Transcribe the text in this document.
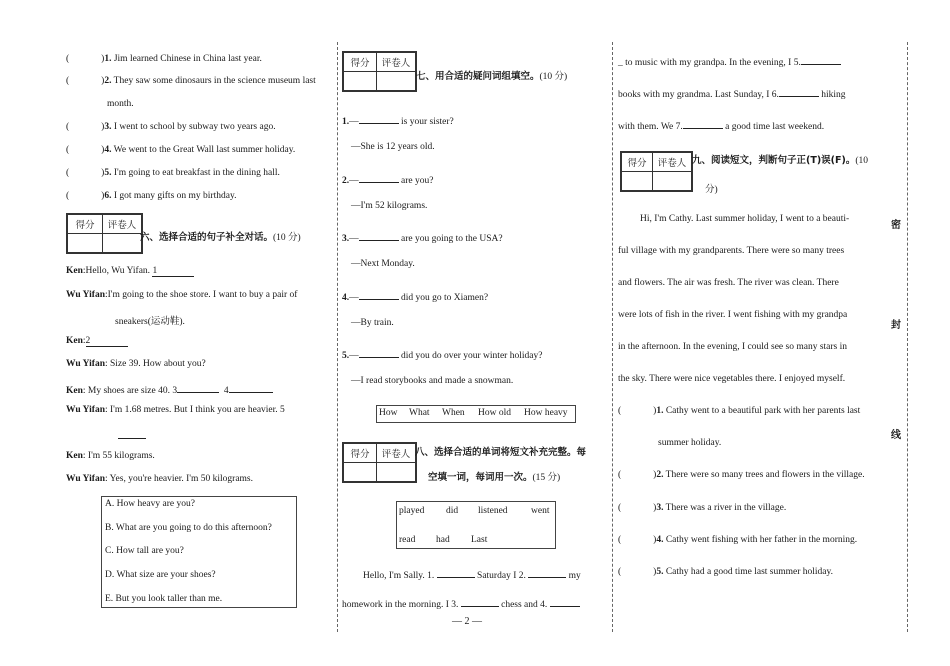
(	)1. Jim learned Chinese in China last year.
(	)2. They saw some dinosaurs in the science museum last
month.
(	)3. I went to school by subway two years ago.
(	)4. We went to the Great Wall last summer holiday.
(	)5. I'm going to eat breakfast in the dining hall.
(	)6. I got many gifts on my birthday.
得分	评卷人

六、选择合适的句子补全对话。(10 分)
Ken:Hello, Wu Yifan. 1
Wu Yifan:I'm going to the shoe store. I want to buy a pair of
sneakers(运动鞋).
Ken:2
Wu Yifan: Size 39. How about you?
Ken: My shoes are size 40. 3	4
Wu Yifan: I'm 1.68 metres. But I think you are heavier. 5
Ken: I'm 55 kilograms.
Wu Yifan: Yes, you're heavier. I'm 50 kilograms.
A. How heavy are you?
B. What are you going to do this afternoon?
C. How tall are you?
D. What size are your shoes?
E. But you look taller than me.
得分	评卷人

七、用合适的疑问词组填空。(10 分)
1.—	is your sister?
—She is 12 years old.
2.—	are you?
—I'm 52 kilograms.
3.—	are you going to the USA?
—Next Monday.
4.—	did you go to Xiamen?
—By train.
5.—	did you do over your winter holiday?
—I read storybooks and made a snowman.
How What When How old How heavy
得分	评卷人
	八、选择合适的单词将短文补充完整。每
空填一词，每词用一次。(15 分)
played did listened went
read had Last
Hello, I'm Sally. 1.	Saturday I 2.	my
homework in the morning. I 3.	chess and 4.
— 2 —
_ to music with my grandpa. In the evening, I 5.
books with my grandma. Last Sunday, I 6.	hiking
with them. We 7.	a good time last weekend.
得分	评卷人
	九、阅读短文，判断句子正(T)误(F)。(10
分)
Hi, I'm Cathy. Last summer holiday, I went to a beauti-
ful village with my grandparents. There were so many trees
and flowers. The air was fresh. The river was clean. There
were lots of fish in the river. I went fishing with my grandpa
in the afternoon. In the evening, I could see so many stars in
the sky. There were nice vegetables there. I enjoyed myself.
(	)1. Cathy went to a beautiful park with her parents last
summer holiday.
(	)2. There were so many trees and flowers in the village.
(	)3. There was a river in the village.
(	)4. Cathy went fishing with her father in the morning.
(	)5. Cathy had a good time last summer holiday.
密
封
线
